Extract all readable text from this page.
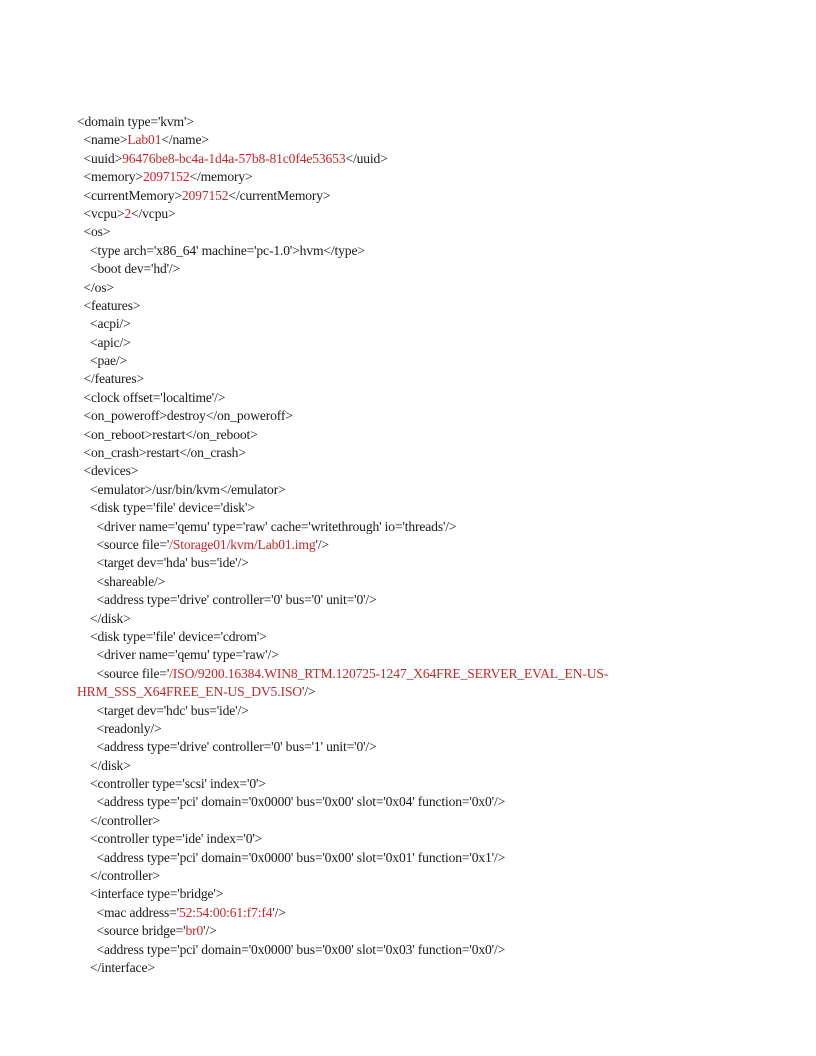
<domain type='kvm'>
<name>Lab01</name>
<uuid>96476be8-bc4a-1d4a-57b8-81c0f4e53653</uuid>
<memory>2097152</memory>
<currentMemory>2097152</currentMemory>
<vcpu>2</vcpu>
<os>
<type arch='x86_64' machine='pc-1.0'>hvm</type>
<boot dev='hd'/>
</os>
<features>
<acpi/>
<apic/>
<pae/>
</features>
<clock offset='localtime'/>
<on_poweroff>destroy</on_poweroff>
<on_reboot>restart</on_reboot>
<on_crash>restart</on_crash>
<devices>
<emulator>/usr/bin/kvm</emulator>
<disk type='file' device='disk'>
<driver name='qemu' type='raw' cache='writethrough' io='threads'/>
<source file='/Storage01/kvm/Lab01.img'/>
<target dev='hda' bus='ide'/>
<shareable/>
<address type='drive' controller='0' bus='0' unit='0'/>
</disk>
<disk type='file' device='cdrom'>
<driver name='qemu' type='raw'/>
<source file='/ISO/9200.16384.WIN8_RTM.120725-1247_X64FRE_SERVER_EVAL_EN-US-
HRM_SSS_X64FREE_EN-US_DV5.ISO'/>
<target dev='hdc' bus='ide'/>
<readonly/>
<address type='drive' controller='0' bus='1' unit='0'/>
</disk>
<controller type='scsi' index='0'>
<address type='pci' domain='0x0000' bus='0x00' slot='0x04' function='0x0'/>
</controller>
<controller type='ide' index='0'>
<address type='pci' domain='0x0000' bus='0x00' slot='0x01' function='0x1'/>
</controller>
<interface type='bridge'>
<mac address='52:54:00:61:f7:f4'/>
<source bridge='br0'/>
<address type='pci' domain='0x0000' bus='0x00' slot='0x03' function='0x0'/>
</interface>
